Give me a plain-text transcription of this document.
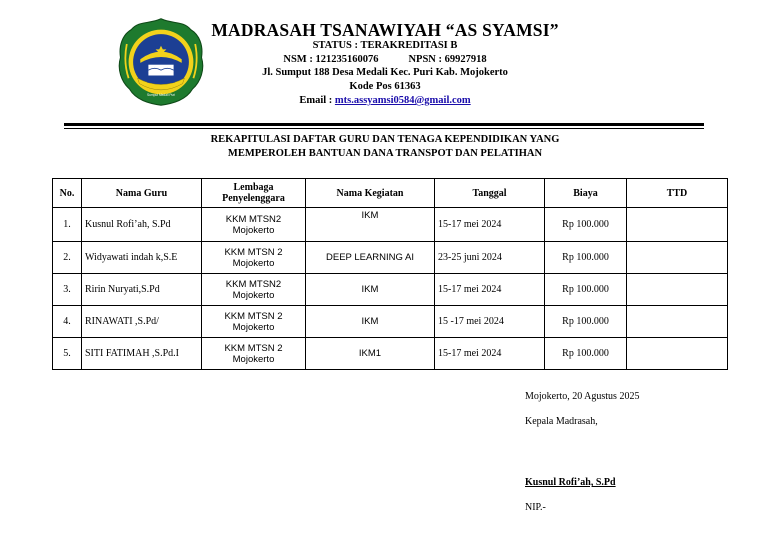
MTs AS SYAMSI
Sumput Medali Puri
MADRASAH TSANAWIYAH “AS SYAMSI”
STATUS : TERAKREDITASI B
NSM : 121235160076	NPSN : 69927918
Jl. Sumput 188 Desa Medali Kec. Puri Kab. Mojokerto
Kode Pos 61363
Email : mts.assyamsi0584@gmail.com
REKAPITULASI DAFTAR GURU DAN TENAGA KEPENDIDIKAN YANG
MEMPEROLEH BANTUAN DANA TRANSPOT DAN PELATIHAN
No.	Nama Guru	Lembaga
Penyelenggara	Nama Kegiatan	Tanggal	Biaya	TTD
1.	Kusnul Rofi’ah, S.Pd	KKM MTSN2
Mojokerto	IKM	15-17 mei 2024	Rp 100.000	
2.	Widyawati indah k,S.E	KKM MTSN 2
Mojokerto	DEEP LEARNING AI	23-25 juni 2024	Rp 100.000	
3.	Ririn Nuryati,S.Pd	KKM MTSN2
Mojokerto	IKM	15-17 mei 2024	Rp 100.000	
4.	RINAWATI ,S.Pd/	KKM MTSN 2
Mojokerto	IKM	15 -17 mei 2024	Rp 100.000	
5.	SITI FATIMAH ,S.Pd.I	KKM MTSN 2
Mojokerto	IKM1	15-17 mei 2024	Rp 100.000	
Mojokerto, 20 Agustus 2025
Kepala Madrasah,
Kusnul Rofi’ah, S.Pd
NIP.-
